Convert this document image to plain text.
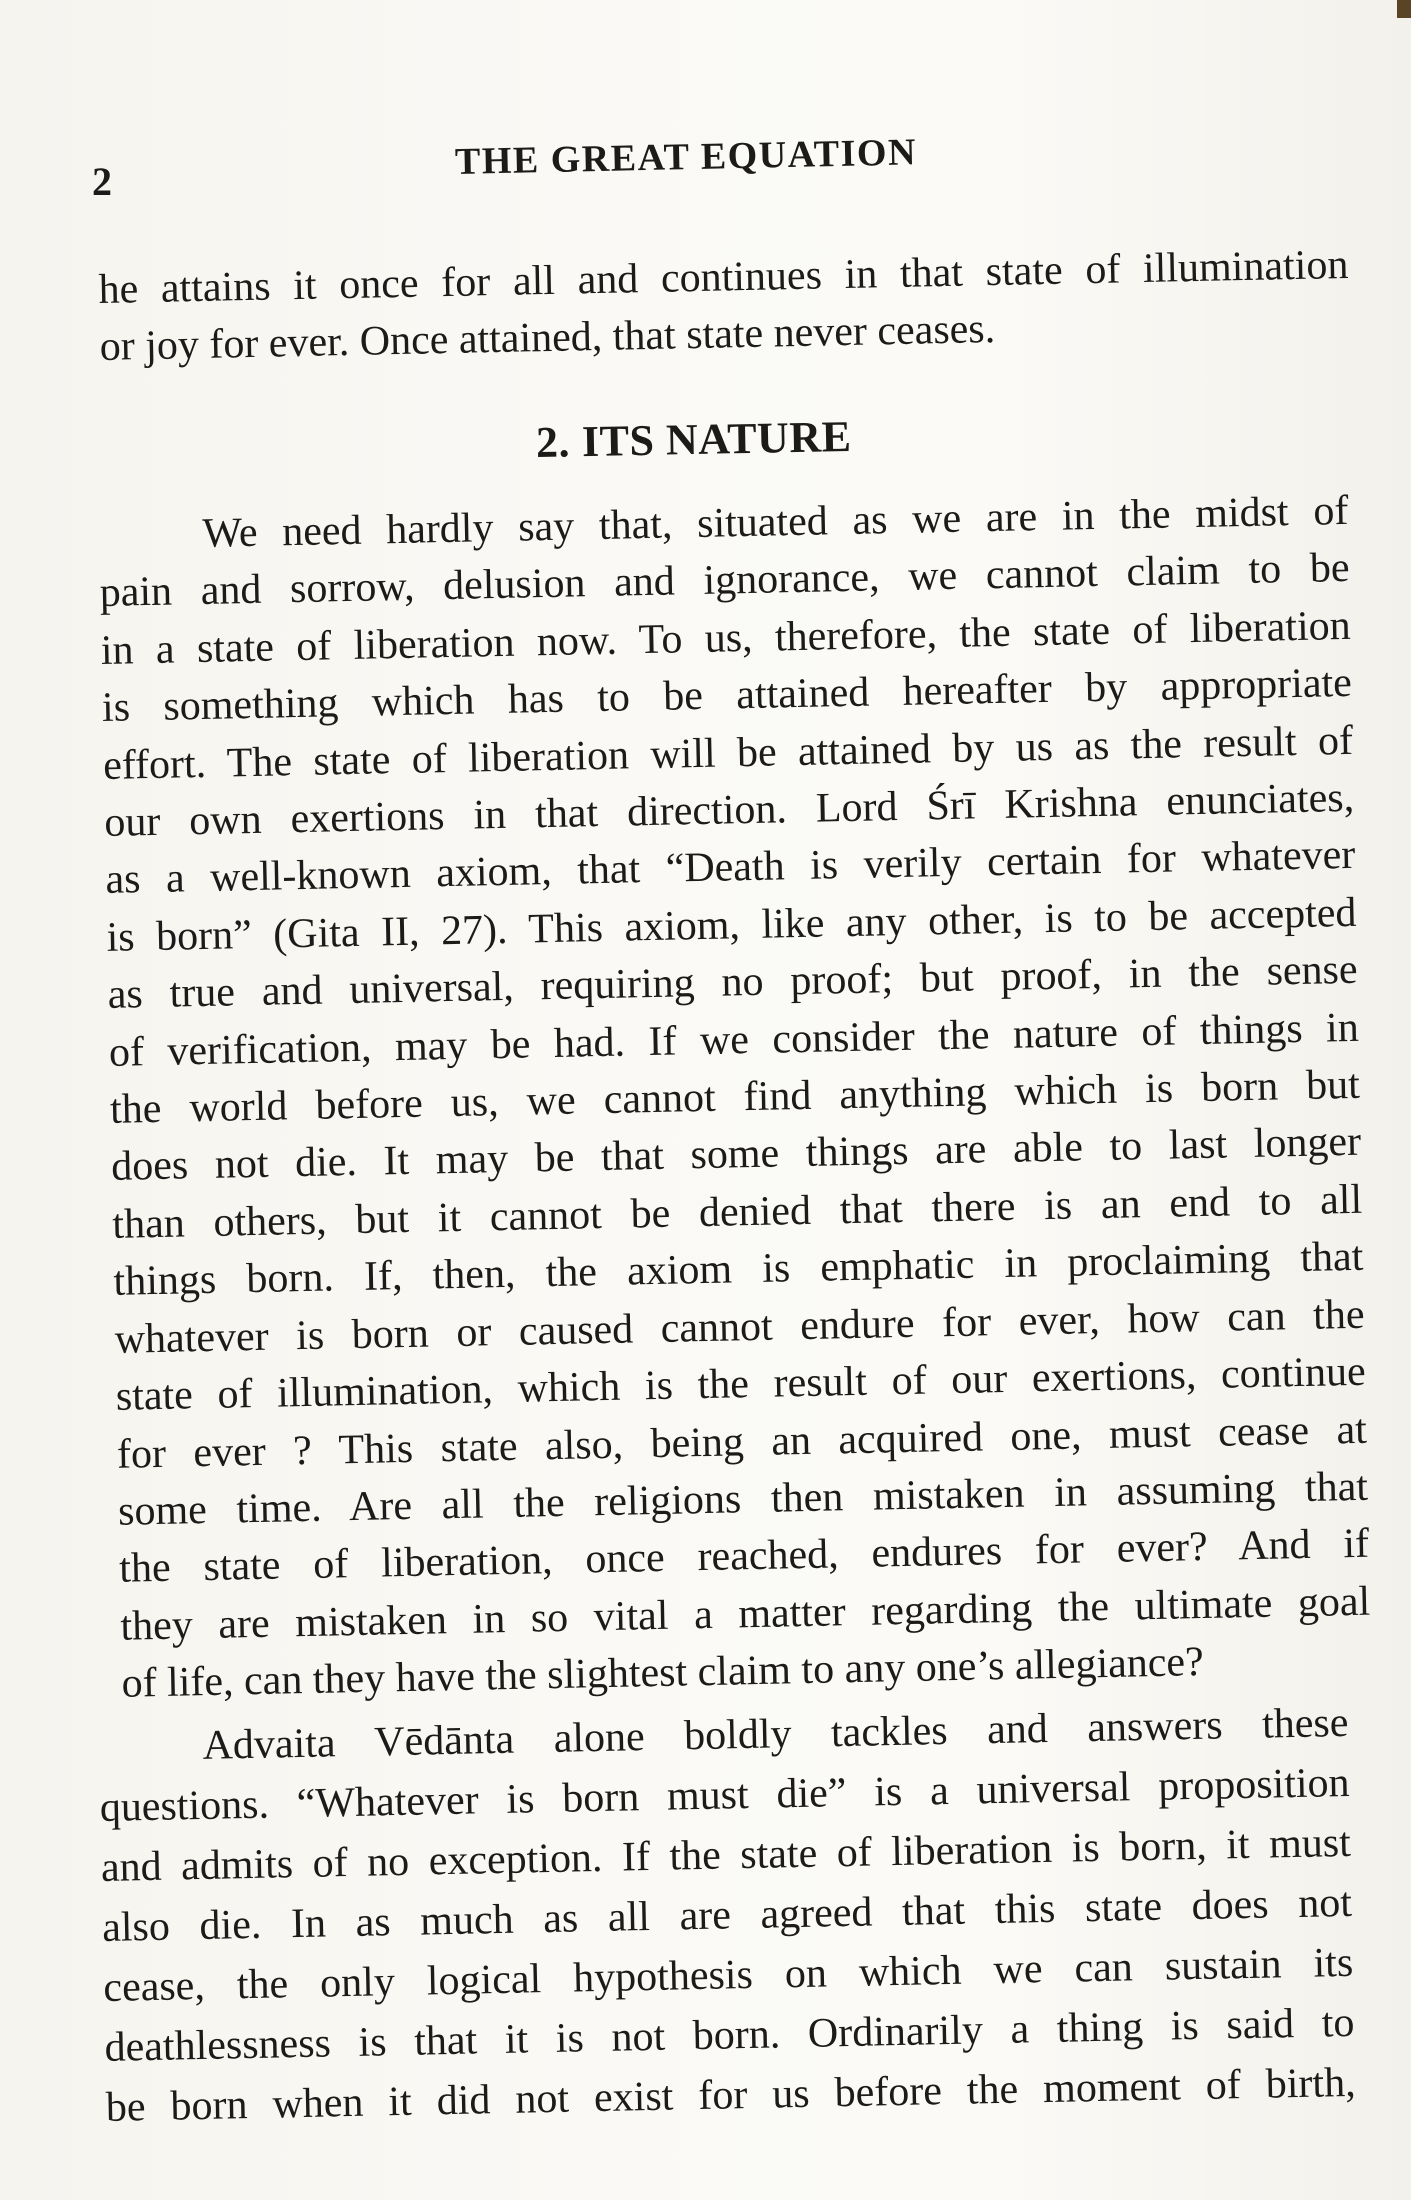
2	THE GREAT EQUATION
he attains it once for all and continues in that state of illumination
or joy for ever. Once attained, that state never ceases.
2. ITS NATURE
We need hardly say that, situated as we are in the midst of
pain and sorrow, delusion and ignorance, we cannot claim to be
in a state of liberation now. To us, therefore, the state of liberation
is something which has to be attained hereafter by appropriate
effort. The state of liberation will be attained by us as the result of
our own exertions in that direction. Lord Śrī Krishna enunciates,
as a well-known axiom, that “Death is verily certain for whatever
is born” (Gita II, 27). This axiom, like any other, is to be accepted
as true and universal, requiring no proof; but proof, in the sense
of verification, may be had. If we consider the nature of things in
the world before us, we cannot find anything which is born but
does not die. It may be that some things are able to last longer
than others, but it cannot be denied that there is an end to all
things born. If, then, the axiom is emphatic in proclaiming that
whatever is born or caused cannot endure for ever, how can the
state of illumination, which is the result of our exertions, continue
for ever ? This state also, being an acquired one, must cease at
some time. Are all the religions then mistaken in assuming that
the state of liberation, once reached, endures for ever? And if
they are mistaken in so vital a matter regarding the ultimate goal
of life, can they have the slightest claim to any one’s allegiance?
Advaita Vēdānta alone boldly tackles and answers these
questions. “Whatever is born must die” is a universal proposition
and admits of no exception. If the state of liberation is born, it must
also die. In as much as all are agreed that this state does not
cease, the only logical hypothesis on which we can sustain its
deathlessness is that it is not born. Ordinarily a thing is said to
be born when it did not exist for us before the moment of birth,
